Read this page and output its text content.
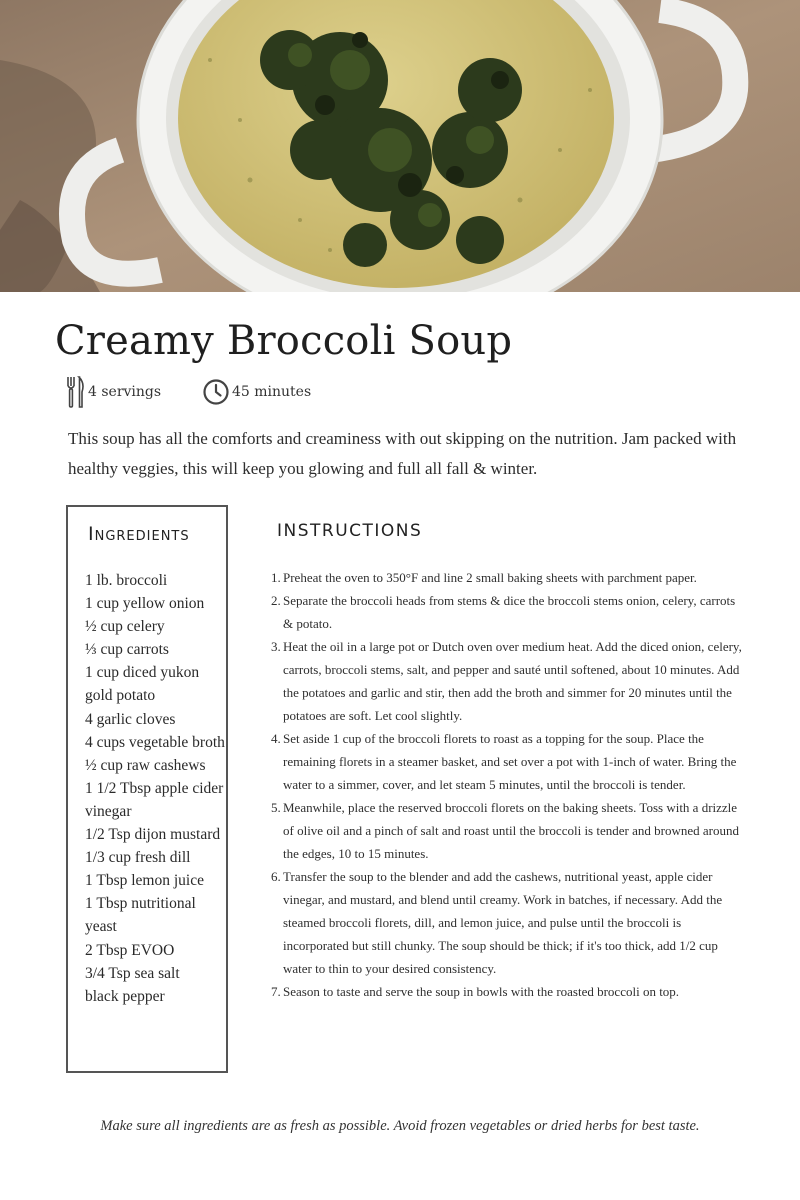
Creamy Broccoli Soup
4 servings	45 minutes

This soup has all the comforts and creaminess with out skipping on the nutrition. Jam packed with healthy veggies, this will keep you glowing and full all fall & winter.

Ingredients
1 lb. broccoli
1 cup yellow onion
½ cup celery
⅓ cup carrots
1 cup diced yukon gold potato
4 garlic cloves
4 cups vegetable broth
½ cup raw cashews
1 1/2 Tbsp apple cider vinegar
1/2 Tsp dijon mustard
1/3 cup fresh dill
1 Tbsp lemon juice
1 Tbsp nutritional yeast
2 Tbsp EVOO
3/4 Tsp sea salt
black pepper
INSTRUCTIONS
1. Preheat the oven to 350°F and line 2 small baking sheets with parchment paper.
2. Separate the broccoli heads from stems & dice the broccoli stems onion, celery, carrots & potato.
3. Heat the oil in a large pot or Dutch oven over medium heat. Add the diced onion, celery, carrots, broccoli stems, salt, and pepper and sauté until softened, about 10 minutes. Add the potatoes and garlic and stir, then add the broth and simmer for 20 minutes until the potatoes are soft. Let cool slightly.
4. Set aside 1 cup of the broccoli florets to roast as a topping for the soup. Place the remaining florets in a steamer basket, and set over a pot with 1-inch of water. Bring the water to a simmer, cover, and let steam 5 minutes, until the broccoli is tender.
5. Meanwhile, place the reserved broccoli florets on the baking sheets. Toss with a drizzle of olive oil and a pinch of salt and roast until the broccoli is tender and browned around the edges, 10 to 15 minutes.
6. Transfer the soup to the blender and add the cashews, nutritional yeast, apple cider vinegar, and mustard, and blend until creamy. Work in batches, if necessary. Add the steamed broccoli florets, dill, and lemon juice, and pulse until the broccoli is incorporated but still chunky. The soup should be thick; if it's too thick, add 1/2 cup water to thin to your desired consistency.
7. Season to taste and serve the soup in bowls with the roasted broccoli on top.

Make sure all ingredients are as fresh as possible. Avoid frozen vegetables or dried herbs for best taste.
